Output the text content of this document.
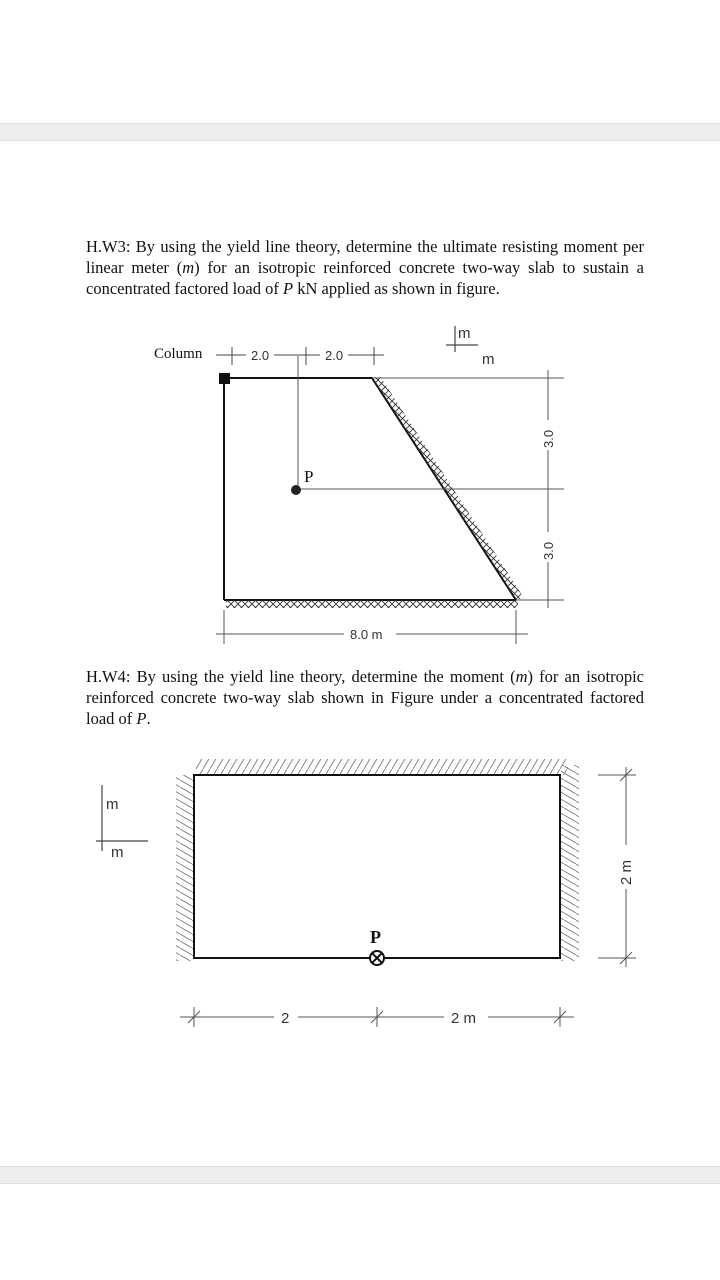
H.W3: By using the yield line theory, determine the ultimate resisting moment per linear meter (m) for an isotropic reinforced concrete two-way slab to sustain a concentrated factored load of P kN applied as shown in figure.

Column	2.0	2.0
P
3.0
3.0
8.0 m
m
m

H.W4: By using the yield line theory, determine the moment (m) for an isotropic reinforced concrete two-way slab shown in Figure under a concentrated factored load of P.

P
2	2 m
2 m
m
m
